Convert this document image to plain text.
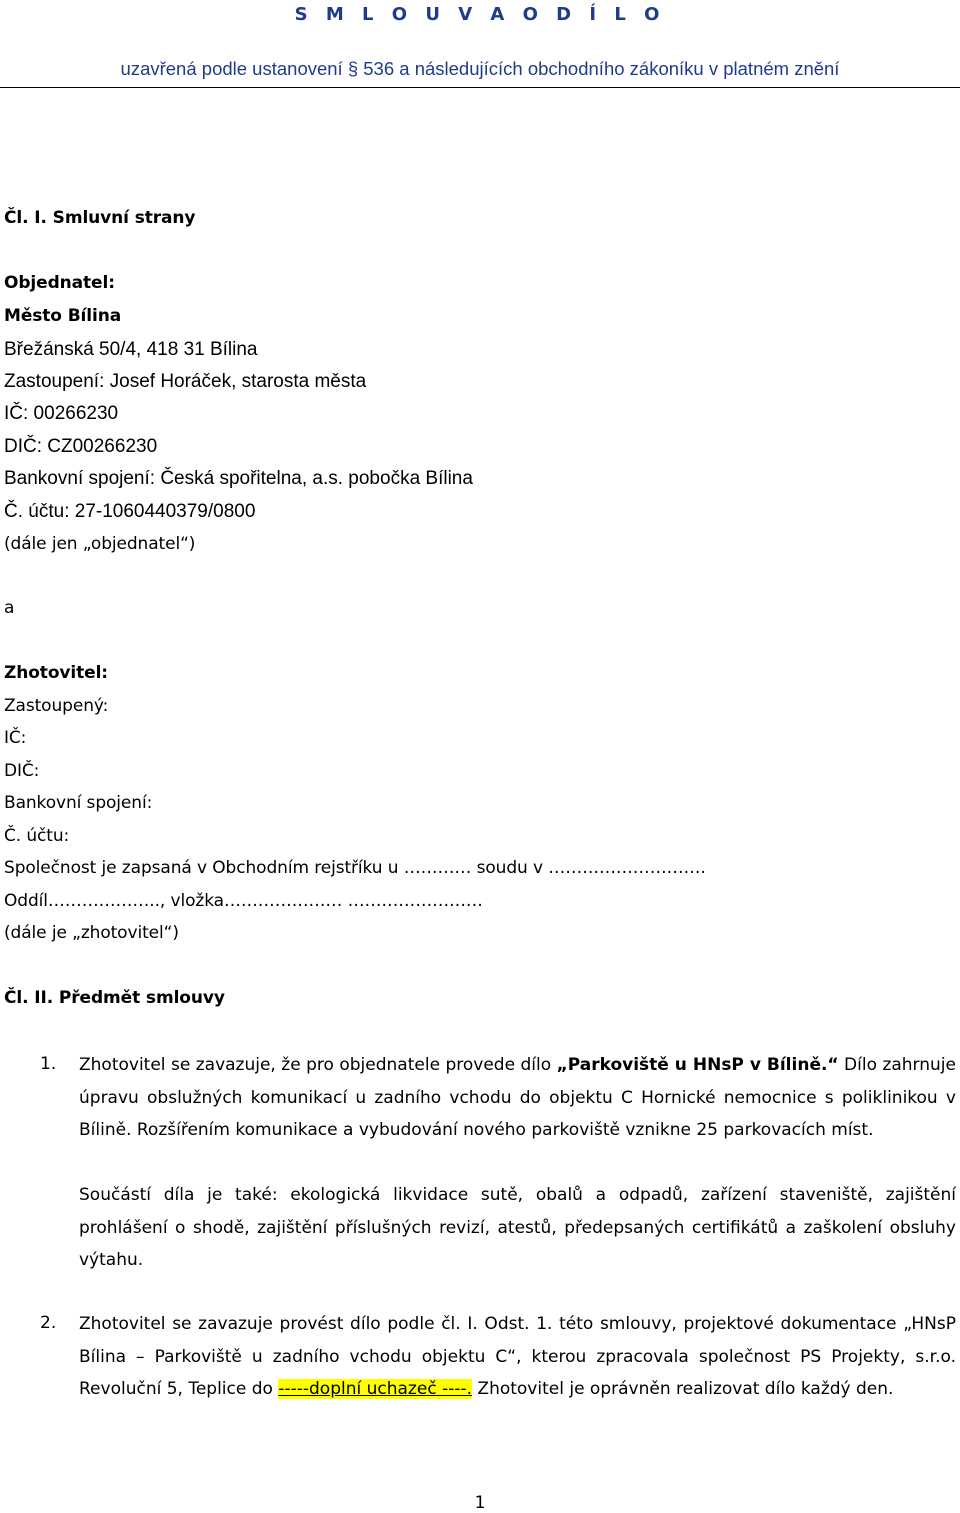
S M L O U V A O D Í L O
uzavřená podle ustanovení § 536 a následujících obchodního zákoníku v platném znění
Čl. I. Smluvní strany
Objednatel:
Město Bílina
Břežánská 50/4, 418 31 Bílina
Zastoupení: Josef Horáček, starosta města
IČ: 00266230
DIČ: CZ00266230
Bankovní spojení: Česká spořitelna, a.s. pobočka Bílina
Č. účtu: 27-1060440379/0800
(dále jen „objednatel“)
a
Zhotovitel:
Zastoupený:
IČ:
DIČ:
Bankovní spojení:
Č. účtu:
Společnost je zapsaná v Obchodním rejstříku u ………… soudu v ……………………….
Oddíl……………….., vložka………………… ……………………
(dále je „zhotovitel“)
Čl. II. Předmět smlouvy
1. Zhotovitel se zavazuje, že pro objednatele provede dílo „Parkoviště u HNsP v Bílině.“ Dílo zahrnuje úpravu obslužných komunikací u zadního vchodu do objektu C Hornické nemocnice s poliklinikou v Bílině. Rozšířením komunikace a vybudování nového parkoviště vznikne 25 parkovacích míst.
Součástí díla je také: ekologická likvidace sutě, obalů a odpadů, zařízení staveniště, zajištění prohlášení o shodě, zajištění příslušných revizí, atestů, předepsaných certifikátů a zaškolení obsluhy výtahu.
2. Zhotovitel se zavazuje provést dílo podle čl. I. Odst. 1. této smlouvy, projektové dokumentace „HNsP Bílina – Parkoviště u zadního vchodu objektu C“, kterou zpracovala společnost PS Projekty, s.r.o. Revoluční 5, Teplice do -----doplní uchazeč ----. Zhotovitel je oprávněn realizovat dílo každý den.
1
